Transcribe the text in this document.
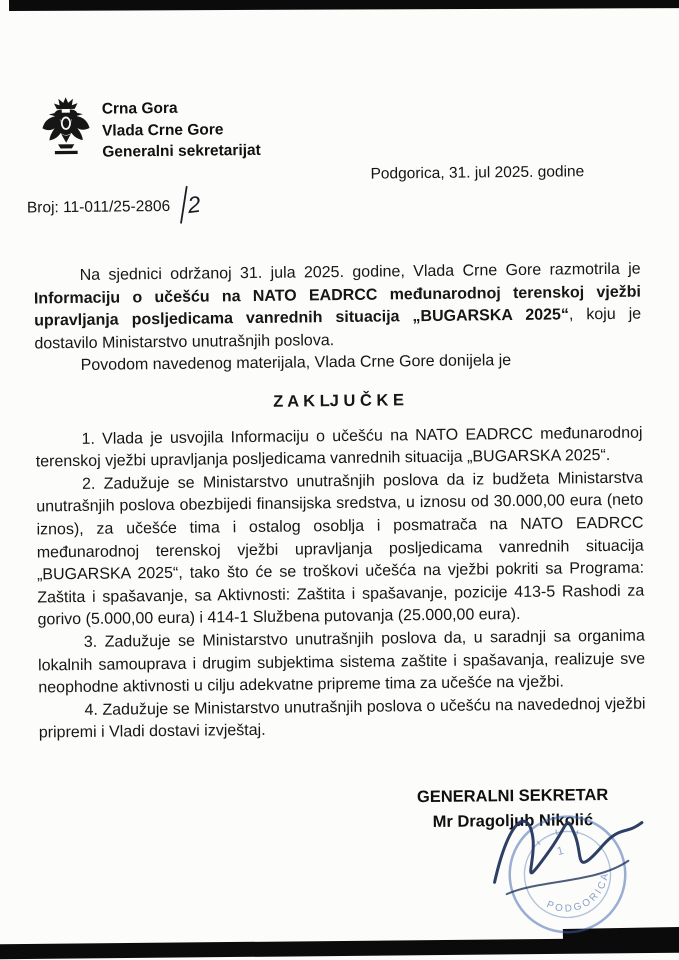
Crna Gora
Vlada Crne Gore
Generalni sekretarijat
Broj: 11-011/25-2806 2
Podgorica, 31. jul 2025. godine

Na sjednici održanoj 31. jula 2025. godine, Vlada Crne Gore razmotrila je Informaciju o učešću na NATO EADRCC međunarodnoj terenskoj vježbi upravljanja posljedicama vanrednih situacija „BUGARSKA 2025“, koju je dostavilo Ministarstvo unutrašnjih poslova.

Povodom navedenog materijala, Vlada Crne Gore donijela je

Z A K LJ U Č K E

1. Vlada je usvojila Informaciju o učešću na NATO EADRCC međunarodnoj terenskoj vježbi upravljanja posljedicama vanrednih situacija „BUGARSKA 2025“.

2. Zadužuje se Ministarstvo unutrašnjih poslova da iz budžeta Ministarstva unutrašnjih poslova obezbijedi finansijska sredstva, u iznosu od 30.000,00 eura (neto iznos), za učešće tima i ostalog osoblja i posmatrača na NATO EADRCC međunarodnoj terenskoj vježbi upravljanja posljedicama vanrednih situacija „BUGARSKA 2025“, tako što će se troškovi učešća na vježbi pokriti sa Programa: Zaštita i spašavanje, sa Aktivnosti: Zaštita i spašavanje, pozicije 413-5 Rashodi za gorivo (5.000,00 eura) i 414-1 Službena putovanja (25.000,00 eura).

3. Zadužuje se Ministarstvo unutrašnjih poslova da, u saradnji sa organima lokalnih samouprava i drugim subjektima sistema zaštite i spašavanja, realizuje sve neophodne aktivnosti u cilju adekvatne pripreme tima za učešće na vježbi.

4. Zadužuje se Ministarstvo unutrašnjih poslova o učešću na navedednoj vježbi pripremi i Vladi dostavi izvještaj.

GENERALNI SEKRETAR
Mr Dragoljub Nikolić
PODGORICA
1
